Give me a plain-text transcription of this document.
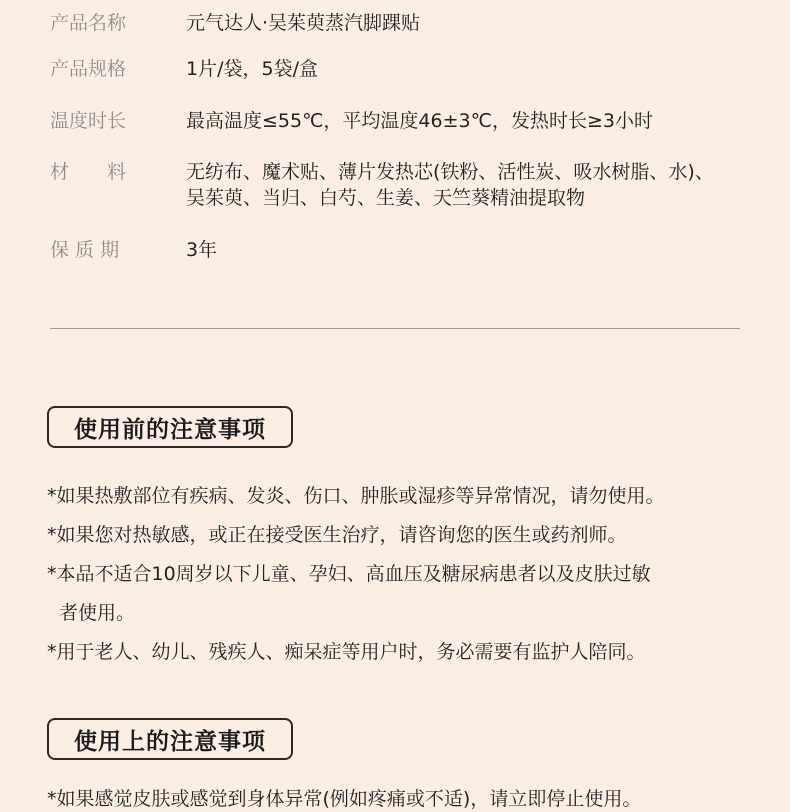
产品名称	元气达人·吴茱萸蒸汽脚踝贴
产品规格	1片/袋，5袋/盒
温度时长	最高温度≤55℃，平均温度46±3℃，发热时长≥3小时
材　　料	无纺布、魔术贴、薄片发热芯(铁粉、活性炭、吸水树脂、水)、
吴茱萸、当归、白芍、生姜、天竺葵精油提取物
保 质 期	3年
使用前的注意事项
*如果热敷部位有疾病、发炎、伤口、肿胀或湿疹等异常情况，请勿使用。
*如果您对热敏感，或正在接受医生治疗，请咨询您的医生或药剂师。
*本品不适合10周岁以下儿童、孕妇、高血压及糖尿病患者以及皮肤过敏
者使用。
*用于老人、幼儿、残疾人、痴呆症等用户时，务必需要有监护人陪同。
使用上的注意事项
*如果感觉皮肤或感觉到身体异常(例如疼痛或不适)，请立即停止使用。
